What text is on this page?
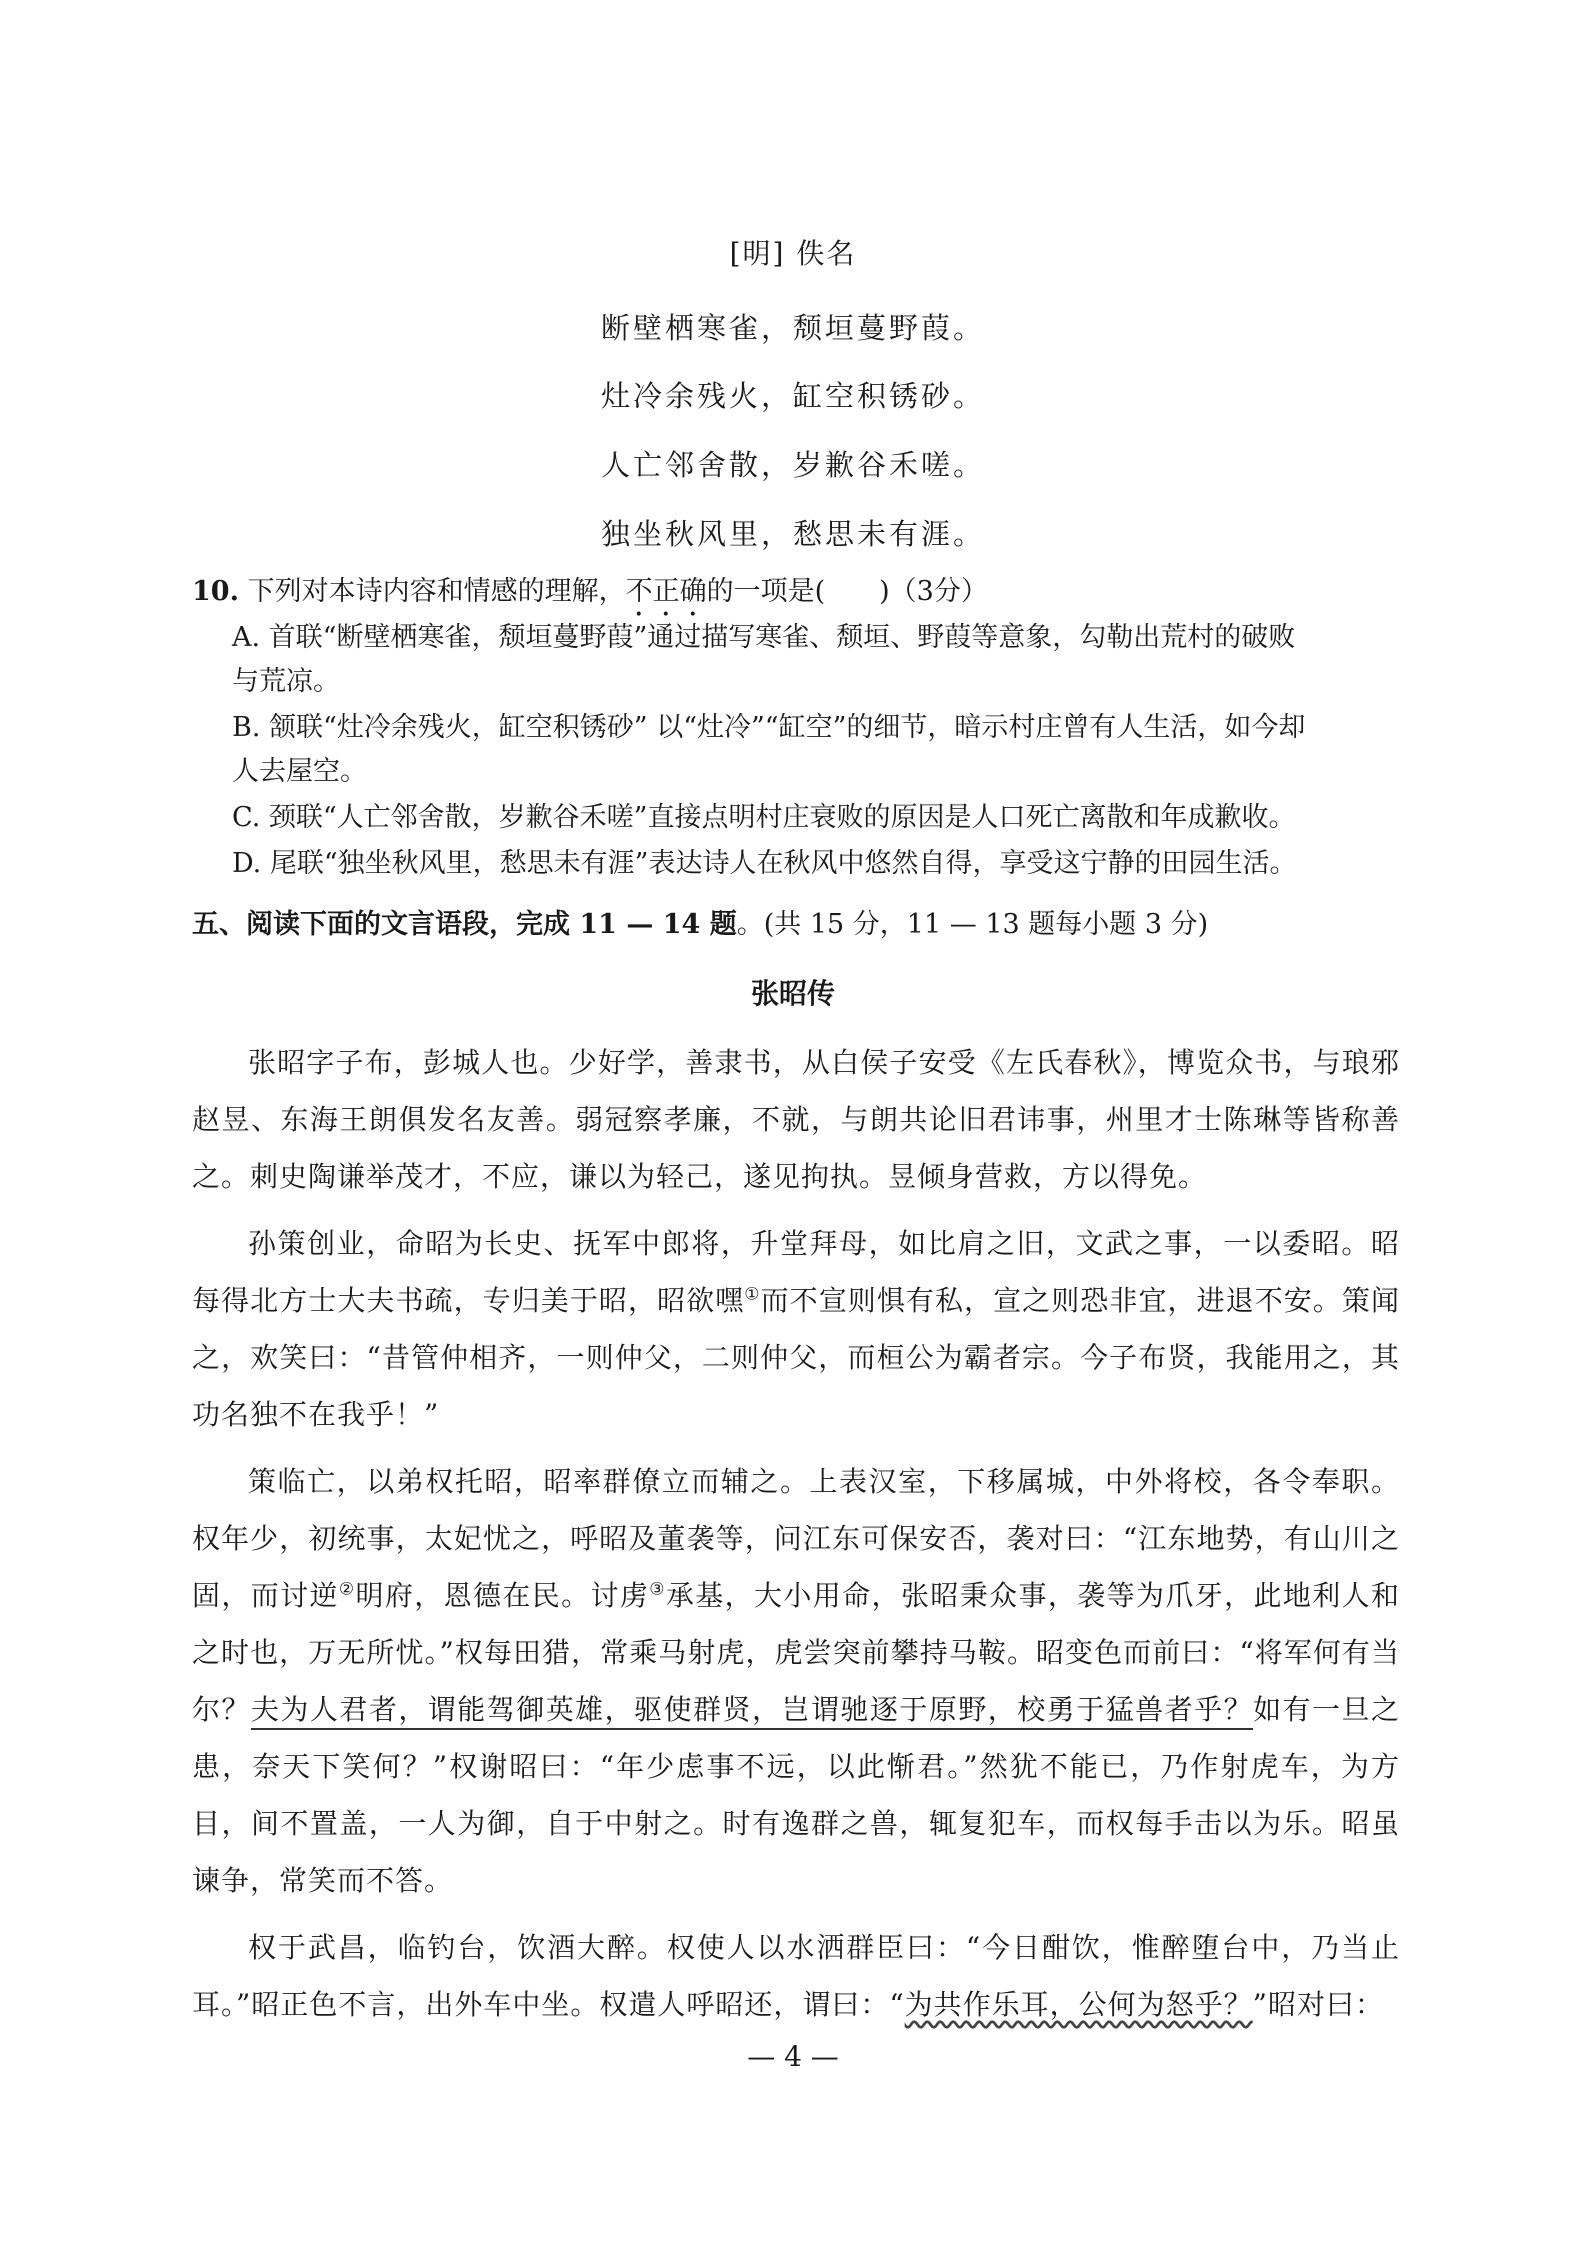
[明] 佚名
断壁栖寒雀，颓垣蔓野葭。
灶冷余残火，缸空积锈砂。
人亡邻舍散，岁歉谷禾嗟。
独坐秋风里，愁思未有涯。
10. 下列对本诗内容和情感的理解，不正确的一项是(　　)（3分）
A. 首联“断壁栖寒雀，颓垣蔓野葭”通过描写寒雀、颓垣、野葭等意象，勾勒出荒村的破败
与荒凉。
B. 颔联“灶冷余残火，缸空积锈砂” 以“灶冷”“缸空”的细节，暗示村庄曾有人生活，如今却
人去屋空。
C. 颈联“人亡邻舍散，岁歉谷禾嗟”直接点明村庄衰败的原因是人口死亡离散和年成歉收。
D. 尾联“独坐秋风里，愁思未有涯”表达诗人在秋风中悠然自得，享受这宁静的田园生活。
五、阅读下面的文言语段，完成 11 — 14 题。(共 15 分，11 — 13 题每小题 3 分)
张昭传

张昭字子布，彭城人也。少好学，善隶书，从白侯子安受《左氏春秋》，博览众书，与琅邪赵昱、东海王朗俱发名友善。弱冠察孝廉，不就，与朗共论旧君讳事，州里才士陈琳等皆称善之。刺史陶谦举茂才，不应，谦以为轻己，遂见拘执。昱倾身营救，方以得免。

孙策创业，命昭为长史、抚军中郎将，升堂拜母，如比肩之旧，文武之事，一以委昭。昭每得北方士大夫书疏，专归美于昭，昭欲嘿①而不宣则惧有私，宣之则恐非宜，进退不安。策闻之，欢笑曰：“昔管仲相齐，一则仲父，二则仲父，而桓公为霸者宗。今子布贤，我能用之，其功名独不在我乎！”

策临亡，以弟权托昭，昭率群僚立而辅之。上表汉室，下移属城，中外将校，各令奉职。权年少，初统事，太妃忧之，呼昭及董袭等，问江东可保安否，袭对曰：“江东地势，有山川之固，而讨逆②明府，恩德在民。讨虏③承基，大小用命，张昭秉众事，袭等为爪牙，此地利人和之时也，万无所忧。”权每田猎，常乘马射虎，虎尝突前攀持马鞍。昭变色而前曰：“将军何有当尔？夫为人君者，谓能驾御英雄，驱使群贤，岂谓驰逐于原野，校勇于猛兽者乎？如有一旦之患，奈天下笑何？”权谢昭曰：“年少虑事不远，以此惭君。”然犹不能已，乃作射虎车，为方目，间不置盖，一人为御，自于中射之。时有逸群之兽，辄复犯车，而权每手击以为乐。昭虽谏争，常笑而不答。

权于武昌，临钓台，饮酒大醉。权使人以水洒群臣曰：“今日酣饮，惟醉堕台中，乃当止耳。”昭正色不言，出外车中坐。权遣人呼昭还，谓曰：“为共作乐耳，公何为怒乎？”昭对曰：

— 4 —
